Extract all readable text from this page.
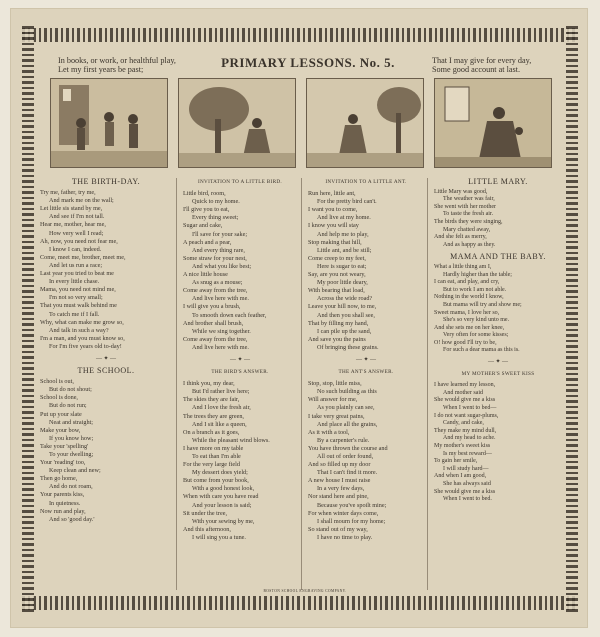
In books, or work, or healthful play,
Let my first years be past;	PRIMARY LESSONS. No. 5.	That I may give for every day,
Some good account at last.
THE BIRTH-DAY.
Try me, father, try me,
And mark me on the wall;
Let little sis stand by me,
And see if I'm not tall.
Hear me, mother, hear me,
How very well I read;
Ah, now, you need not fear me,
I know I can, indeed.
Come, meet me, brother, meet me,
And let us run a race;
Last year you tried to beat me
In every little chase.
Mama, you need not mind me,
I'm not so very small;
That you must walk behind me
To catch me if I fall.
Why, what can make me grow so,
And talk in such a way?
I'm a man, and you must know so,
For I'm five years old to-day!
— ✦ —
THE SCHOOL.
School is out,
But do not shout;
School is done,
But do not run;
Put up your slate
Neat and straight;
Make your bow,
If you know how;
Take your 'spelling'
To your dwelling;
Your 'reading' too,
Keep clean and new;
Then go home,
And do not roam,
Your parents kiss,
In quietness.
Now run and play,
And so 'good day.'
INVITATION TO A LITTLE BIRD.
Little bird, room,
Quick to my home.
I'll give you to eat,
Every thing sweet;
Sugar and cake,
I'll save for your sake;
A peach and a pear,
And every thing rare,
Some straw for your nest,
And what you like best;
A nice little house
As snug as a mouse;
Come away from the tree,
And live here with me.
I will give you a brush,
To smooth down each feather,
And brother shall brush,
While we sing together.
Come away from the tree,
And live here with me.
— ✦ —
THE BIRD'S ANSWER.
I think you, my dear,
But I'd rather live here;
The skies they are fair,
And I love the fresh air,
The trees they are green,
And I sit like a queen,
On a branch as it goes,
While the pleasant wind blows.
I have more on my table
To eat than I'm able
For the very large field
My dessert does yield;
But come from your book,
With a good honest look,
When with care you have read
And your lesson is said;
Sit under the tree,
With your sewing by me,
And this afternoon,
I will sing you a tune.
INVITATION TO A LITTLE ANT.
Run here, little ant,
For the pretty bird can't.
I want you to come,
And live at my home.
I know you will stay
And help me to play,
Stop making that hill,
Little ant, and be still;
Come creep to my feet,
Here is sugar to eat;
Say, are you not weary,
My poor little deary,
With bearing that load,
Across the wide road?
Leave your hill now, to me,
And then you shall see,
That by filling my hand,
I can pile up the sand,
And save you the pains
Of bringing these grains.
— ✦ —
THE ANT'S ANSWER.
Stop, stop, little miss,
No such building as this
Will answer for me,
As you plainly can see,
I take very great pains,
And place all the grains,
As it with a tool,
By a carpenter's rule.
You have thrown the course and
All out of order found,
And so filled up my door
That I can't find it more.
A new house I must raise
In a very few days,
Nor stand here and pine,
Because you've spoilt mine;
For when winter days come,
I shall mourn for my home;
So stand out of my way,
I have no time to play.
LITTLE MARY.
Little Mary was good,
The weather was fair,
She went with her mother
To taste the fresh air.
The birds they were singing,
Mary chatted away,
And she felt as merry,
And as happy as they.
MAMA AND THE BABY.
What a little thing am I,
Hardly higher than the table;
I can eat, and play, and cry,
But to work I am not able.
Nothing in the world I know,
But mama will try and show me;
Sweet mama, I love her so,
She's so very kind unto me.
And she sets me on her knee,
Very often for some kisses;
O! how good I'll try to be,
For such a dear mama as this is.
— ✦ —
MY MOTHER'S SWEET KISS
I have learned my lesson,
And mother said
She would give me a kiss
When I went to bed—
I do not want sugar-plums,
Candy, and cake,
They make my mind dull,
And my head to ache.
My mother's sweet kiss
Is my best reward—
To gain her smile,
I will study hard—
And when I am good,
She has always said
She would give me a kiss
When I went to bed.
BOSTON SCHOOL ENGRAVING COMPANY.
